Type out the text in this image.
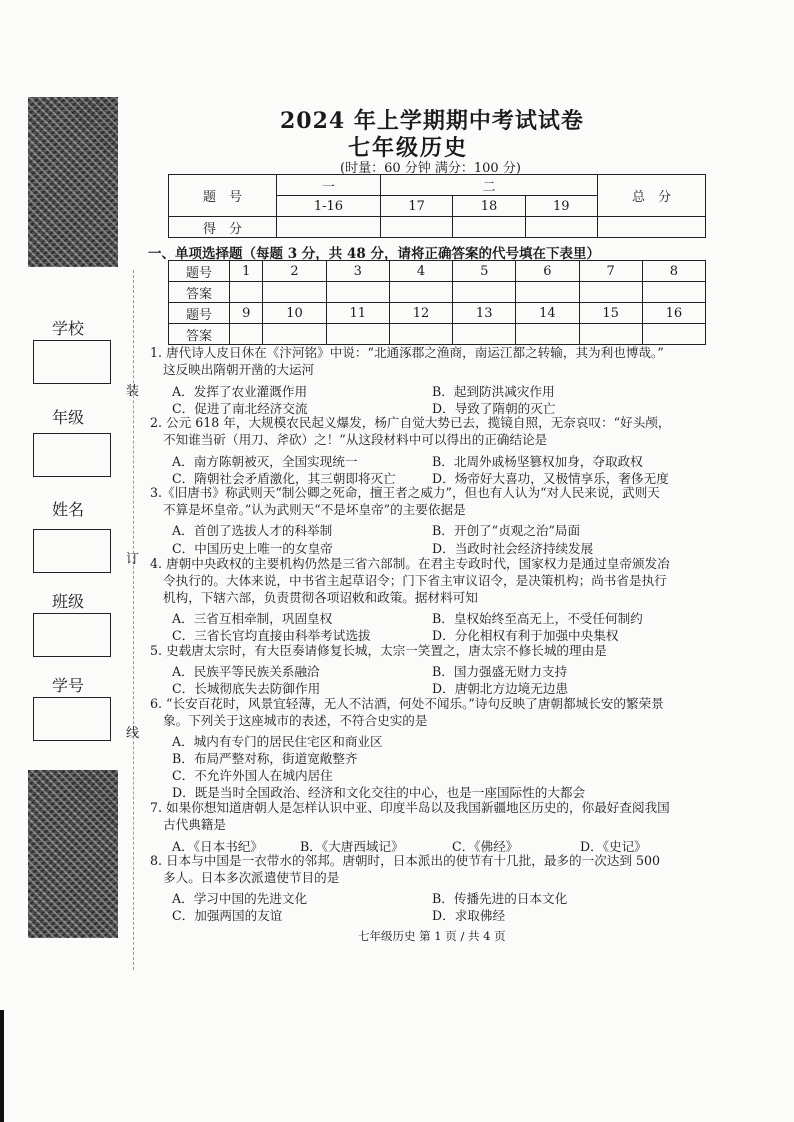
学校
年级
姓名
班级
学号
装
订
线
2024 年上学期期中考试试卷
七年级历史
(时量：60 分钟 满分：100 分)
题　号	一	二			总　分
	1-16	17	18	19	
得　分					
一、单项选择题（每题 3 分，共 48 分，请将正确答案的代号填在下表里）
题号	1	2	3	4	5	6	7	8
答案								
题号	9	10	11	12	13	14	15	16
答案								
1. 唐代诗人皮日休在《汴河铭》中说：“北通涿郡之渔商，南运江都之转输，其为利也博哉。”
这反映出隋朝开凿的大运河
A．发挥了农业灌溉作用	B．起到防洪减灾作用
C．促进了南北经济交流	D．导致了隋朝的灭亡
2. 公元 618 年，大规模农民起义爆发，杨广自觉大势已去，揽镜自照，无奈哀叹：“好头颅，
不知谁当斫（用刀、斧砍）之！”从这段材料中可以得出的正确结论是
A．南方陈朝被灭，全国实现统一	B．北周外戚杨坚篡权加身，夺取政权
C．隋朝社会矛盾激化，其三朝即将灭亡	D．炀帝好大喜功，又极情享乐，奢侈无度
3.《旧唐书》称武则天“制公卿之死命，擅王者之威力”，但也有人认为“对人民来说，武则天
不算是坏皇帝。”认为武则天“不是坏皇帝”的主要依据是
A．首创了选拔人才的科举制	B．开创了“贞观之治”局面
C．中国历史上唯一的女皇帝	D．当政时社会经济持续发展
4. 唐朝中央政权的主要机构仍然是三省六部制。在君主专政时代，国家权力是通过皇帝颁发冶
令执行的。大体来说，中书省主起草诏令；门下省主审议诏令，是决策机构；尚书省是执行
机构，下辖六部，负责贯彻各项诏敕和政策。据材料可知
A．三省互相牵制，巩固皇权	B．皇权始终至高无上，不受任何制约
C．三省长官均直接由科举考试选拔	D．分化相权有利于加强中央集权
5. 史载唐太宗时，有大臣奏请修复长城，太宗一笑置之，唐太宗不修长城的理由是
A．民族平等民族关系融洽	B．国力强盛无财力支持
C．长城彻底失去防御作用	D．唐朝北方边境无边患
6. “长安百花时，风景宜轻薄，无人不沽酒，何处不闻乐。”诗句反映了唐朝都城长安的繁荣景
象。下列关于这座城市的表述，不符合史实的是
A．城内有专门的居民住宅区和商业区
B．布局严整对称，街道宽敞整齐
C．不允许外国人在城内居住
D．既是当时全国政治、经济和文化交往的中心，也是一座国际性的大都会
7. 如果你想知道唐朝人是怎样认识中亚、印度半岛以及我国新疆地区历史的，你最好查阅我国
古代典籍是
A．《日本书纪》	B．《大唐西域记》	C．《佛经》	D．《史记》
8. 日本与中国是一衣带水的邻邦。唐朝时，日本派出的使节有十几批，最多的一次达到 500
多人。日本多次派遣使节目的是
A．学习中国的先进文化	B．传播先进的日本文化
C．加强两国的友谊	D．求取佛经
七年级历史 第 1 页 / 共 4 页
